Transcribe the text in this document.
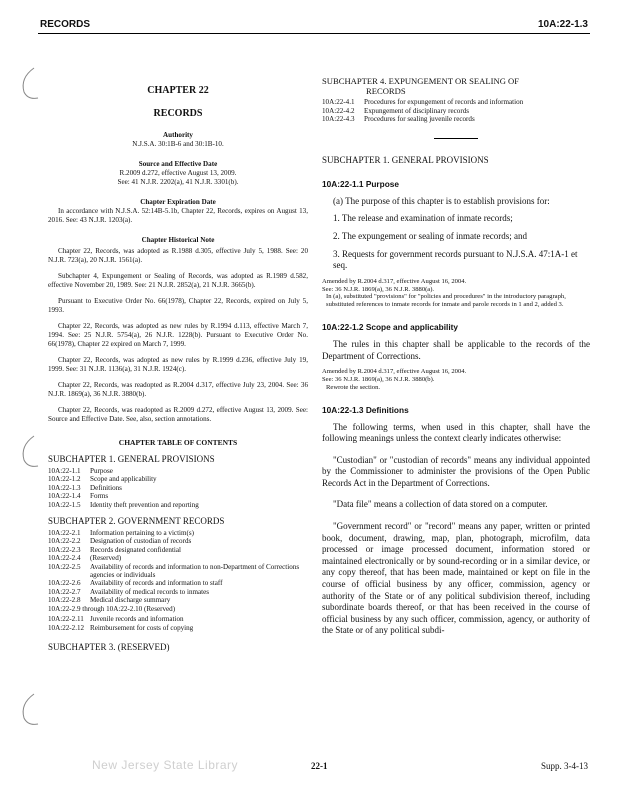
RECORDS	10A:22-1.3
CHAPTER 22
RECORDS
Authority
N.J.S.A. 30:1B-6 and 30:1B-10.
Source and Effective Date
R.2009 d.272, effective August 13, 2009.
See: 41 N.J.R. 2202(a), 41 N.J.R. 3301(b).
Chapter Expiration Date

In accordance with N.J.S.A. 52:14B-5.1b, Chapter 22, Records, expires on August 13, 2016. See: 43 N.J.R. 1203(a).

Chapter Historical Note

Chapter 22, Records, was adopted as R.1988 d.305, effective July 5, 1988. See: 20 N.J.R. 723(a), 20 N.J.R. 1561(a).

Subchapter 4, Expungement or Sealing of Records, was adopted as R.1989 d.582, effective November 20, 1989. See: 21 N.J.R. 2852(a), 21 N.J.R. 3665(b).

Pursuant to Executive Order No. 66(1978), Chapter 22, Records, expired on July 5, 1993.

Chapter 22, Records, was adopted as new rules by R.1994 d.113, effective March 7, 1994. See: 25 N.J.R. 5754(a), 26 N.J.R. 1228(b). Pursuant to Executive Order No. 66(1978), Chapter 22 expired on March 7, 1999.

Chapter 22, Records, was adopted as new rules by R.1999 d.236, effective July 19, 1999. See: 31 N.J.R. 1136(a), 31 N.J.R. 1924(c).

Chapter 22, Records, was readopted as R.2004 d.317, effective July 23, 2004. See: 36 N.J.R. 1869(a), 36 N.J.R. 3880(b).

Chapter 22, Records, was readopted as R.2009 d.272, effective August 13, 2009. See: Source and Effective Date. See, also, section annotations.

CHAPTER TABLE OF CONTENTS
SUBCHAPTER 1. GENERAL PROVISIONS
10A:22-1.1	Purpose
10A:22-1.2	Scope and applicability
10A:22-1.3	Definitions
10A:22-1.4	Forms
10A:22-1.5	Identity theft prevention and reporting
SUBCHAPTER 2. GOVERNMENT RECORDS
10A:22-2.1	Information pertaining to a victim(s)
10A:22-2.2	Designation of custodian of records
10A:22-2.3	Records designated confidential
10A:22-2.4	(Reserved)
10A:22-2.5	Availability of records and information to non-Department of Corrections agencies or individuals
10A:22-2.6	Availability of records and information to staff
10A:22-2.7	Availability of medical records to inmates
10A:22-2.8	Medical discharge summary
10A:22-2.9 through 10A:22-2.10 (Reserved)
10A:22-2.11	Juvenile records and information
10A:22-2.12	Reimbursement for costs of copying
SUBCHAPTER 3. (RESERVED)
SUBCHAPTER 4. EXPUNGEMENT OR SEALING OF
RECORDS
10A:22-4.1	Procedures for expungement of records and information
10A:22-4.2	Expungement of disciplinary records
10A:22-4.3	Procedures for sealing juvenile records
SUBCHAPTER 1. GENERAL PROVISIONS
10A:22-1.1 Purpose

(a) The purpose of this chapter is to establish provisions for:

1. The release and examination of inmate records;
2. The expungement or sealing of inmate records; and
3. Requests for government records pursuant to N.J.S.A. 47:1A-1 et seq.
Amended by R.2004 d.317, effective August 16, 2004.
See: 36 N.J.R. 1869(a), 36 N.J.R. 3880(a).
In (a), substituted "provisions" for "policies and procedures" in the introductory paragraph, substituted references to inmate records for inmate and parole records in 1 and 2, added 3.
10A:22-1.2 Scope and applicability

The rules in this chapter shall be applicable to the records of the Department of Corrections.

Amended by R.2004 d.317, effective August 16, 2004.
See: 36 N.J.R. 1869(a), 36 N.J.R. 3880(b).
Rewrote the section.
10A:22-1.3 Definitions

The following terms, when used in this chapter, shall have the following meanings unless the context clearly indicates otherwise:

"Custodian" or "custodian of records" means any individual appointed by the Commissioner to administer the provisions of the Open Public Records Act in the Department of Corrections.

"Data file" means a collection of data stored on a computer.

"Government record" or "record" means any paper, written or printed book, document, drawing, map, plan, photograph, microfilm, data processed or image processed document, information stored or maintained electronically or by sound-recording or in a similar device, or any copy thereof, that has been made, maintained or kept on file in the course of official business by any officer, commission, agency or authority of the State or of any political subdivision thereof, including subordinate boards thereof, or that has been received in the course of official business by any such officer, commission, agency, or authority of the State or of any political subdi-

New Jersey State Library	22-1	Supp. 3-4-13
